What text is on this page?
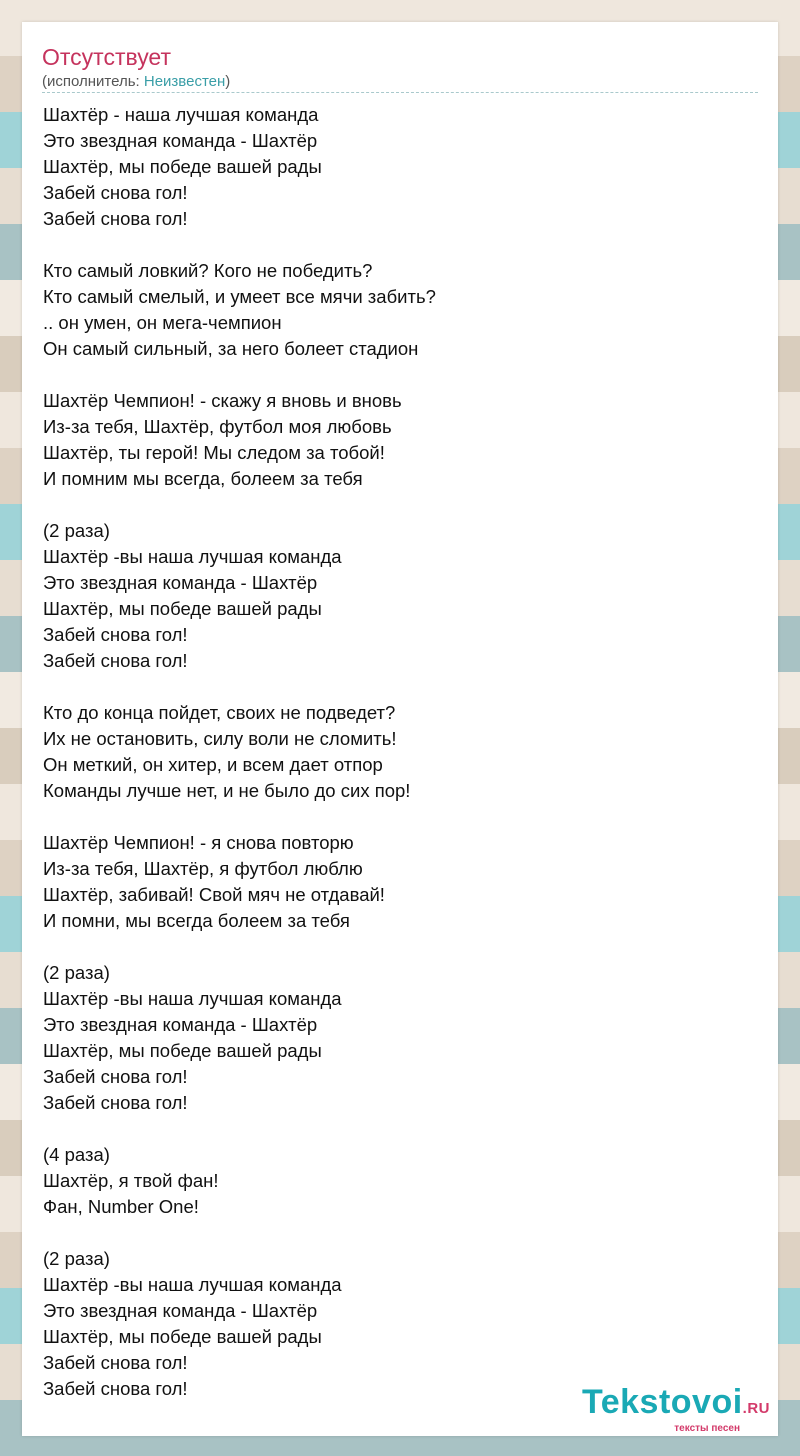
Отсутствует
(исполнитель: Неизвестен)
Шахтёр - наша лучшая команда
Это звездная команда - Шахтёр
Шахтёр, мы победе вашей рады
Забей снова гол!
Забей снова гол!
Кто самый ловкий? Кого не победить?
Кто самый смелый, и умеет все мячи забить?
.. он умен, он мега-чемпион
Он самый сильный, за него болеет стадион
Шахтёр Чемпион! - скажу я вновь и вновь
Из-за тебя, Шахтёр, футбол моя любовь
Шахтёр, ты герой! Мы следом за тобой!
И помним мы всегда, болеем за тебя
(2 раза)
Шахтёр -вы наша лучшая команда
Это звездная команда - Шахтёр
Шахтёр, мы победе вашей рады
Забей снова гол!
Забей снова гол!
Кто до конца пойдет, своих не подведет?
Их не остановить, силу воли не сломить!
Он меткий, он хитер, и всем дает отпор
Команды лучше нет, и не было до сих пор!
Шахтёр Чемпион! - я снова повторю
Из-за тебя, Шахтёр, я футбол люблю
Шахтёр, забивай! Свой мяч не отдавай!
И помни, мы всегда болеем за тебя
(2 раза)
Шахтёр -вы наша лучшая команда
Это звездная команда - Шахтёр
Шахтёр, мы победе вашей рады
Забей снова гол!
Забей снова гол!
(4 раза)
Шахтёр, я твой фан!
Фан, Number One!
(2 раза)
Шахтёр -вы наша лучшая команда
Это звездная команда - Шахтёр
Шахтёр, мы победе вашей рады
Забей снова гол!
Забей снова гол!	Tekstovoi.RU
тексты песен
